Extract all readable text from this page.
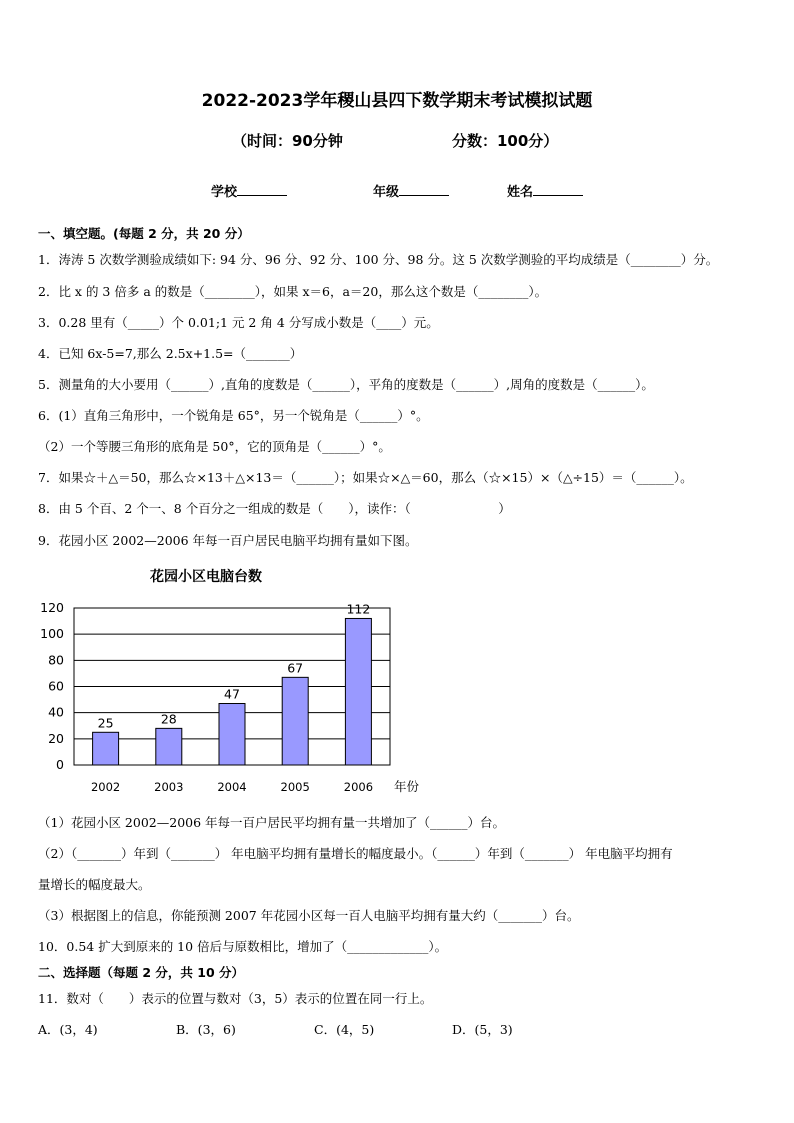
2022-2023学年稷山县四下数学期末考试模拟试题
（时间：90分钟	分数：100分）
学校	年级	姓名
一、填空题。(每题 2 分，共 20 分）
1．涛涛 5 次数学测验成绩如下: 94 分、96 分、92 分、100 分、98 分。这 5 次数学测验的平均成绩是（________）分。
2．比 x 的 3 倍多 a 的数是（________），如果 x＝6，a＝20，那么这个数是（________）。
3．0.28 里有（_____）个 0.01;1 元 2 角 4 分写成小数是（____）元。
4．已知 6x-5=7,那么 2.5x+1.5=（_______）
5．测量角的大小要用（______）,直角的度数是（______），平角的度数是（______）,周角的度数是（______）。
6．(1）直角三角形中，一个锐角是 65°，另一个锐角是（______）°。
（2）一个等腰三角形的底角是 50°，它的顶角是（______）°。
7．如果☆＋△＝50，那么☆×13＋△×13＝（______）；如果☆×△＝60，那么（☆×15）×（△÷15）＝（______）。
8．由 5 个百、2 个一、8 个百分之一组成的数是（　　），读作：（　　　　　　　）
9．花园小区 2002—2006 年每一百户居民电脑平均拥有量如下图。
花园小区电脑台数
0
20
40
60
80
100
120
25	28
47
67
112
2002	2003	2004	2005	2006 年份
（1）花园小区 2002—2006 年每一百户居民平均拥有量一共增加了（______）台。
（2）（_______）年到（_______） 年电脑平均拥有量增长的幅度最小。（______）年到（_______） 年电脑平均拥有
量增长的幅度最大。
（3）根据图上的信息，你能预测 2007 年花园小区每一百人电脑平均拥有量大约（_______）台。
10．0.54 扩大到原来的 10 倍后与原数相比，增加了（_____________）。
二、选择题（每题 2 分，共 10 分）
11．数对（　　）表示的位置与数对（3，5）表示的位置在同一行上。
A．(3，4)	B．(3，6)	C．(4，5)	D．(5，3)
